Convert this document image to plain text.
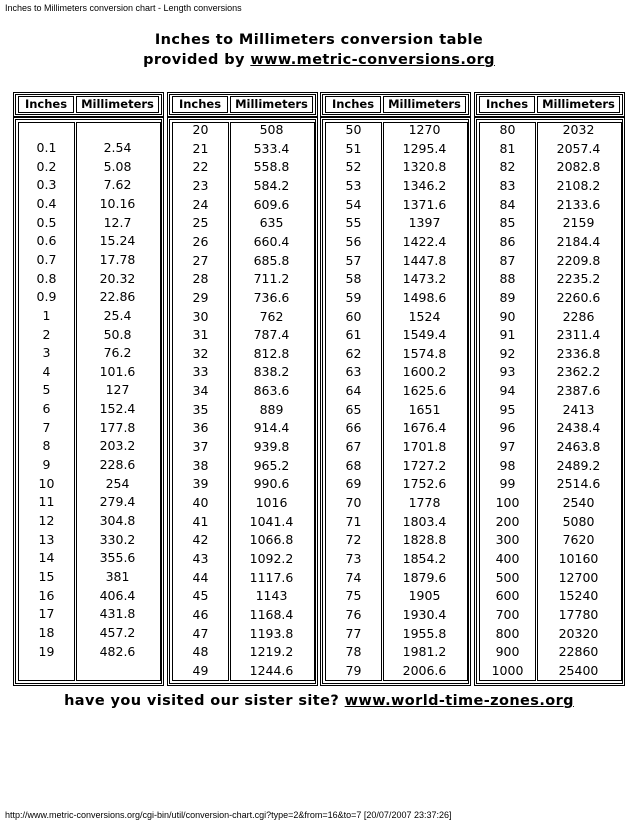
Inches to Millimeters conversion chart - Length conversions
Inches to Millimeters conversion table
provided by www.metric-conversions.org
Inches	Millimeters
0.1	2.54
0.2	5.08
0.3	7.62
0.4	10.16
0.5	12.7
0.6	15.24
0.7	17.78
0.8	20.32
0.9	22.86
1	25.4
2	50.8
3	76.2
4	101.6
5	127
6	152.4
7	177.8
8	203.2
9	228.6
10	254
11	279.4
12	304.8
13	330.2
14	355.6
15	381
16	406.4
17	431.8
18	457.2
19	482.6
Inches	Millimeters
20	508
21	533.4
22	558.8
23	584.2
24	609.6
25	635
26	660.4
27	685.8
28	711.2
29	736.6
30	762
31	787.4
32	812.8
33	838.2
34	863.6
35	889
36	914.4
37	939.8
38	965.2
39	990.6
40	1016
41	1041.4
42	1066.8
43	1092.2
44	1117.6
45	1143
46	1168.4
47	1193.8
48	1219.2
49	1244.6
Inches	Millimeters
50	1270
51	1295.4
52	1320.8
53	1346.2
54	1371.6
55	1397
56	1422.4
57	1447.8
58	1473.2
59	1498.6
60	1524
61	1549.4
62	1574.8
63	1600.2
64	1625.6
65	1651
66	1676.4
67	1701.8
68	1727.2
69	1752.6
70	1778
71	1803.4
72	1828.8
73	1854.2
74	1879.6
75	1905
76	1930.4
77	1955.8
78	1981.2
79	2006.6
Inches	Millimeters
80	2032
81	2057.4
82	2082.8
83	2108.2
84	2133.6
85	2159
86	2184.4
87	2209.8
88	2235.2
89	2260.6
90	2286
91	2311.4
92	2336.8
93	2362.2
94	2387.6
95	2413
96	2438.4
97	2463.8
98	2489.2
99	2514.6
100	2540
200	5080
300	7620
400	10160
500	12700
600	15240
700	17780
800	20320
900	22860
1000	25400
have you visited our sister site? www.world-time-zones.org
http://www.metric-conversions.org/cgi-bin/util/conversion-chart.cgi?type=2&from=16&to=7 [20/07/2007 23:37:26]
